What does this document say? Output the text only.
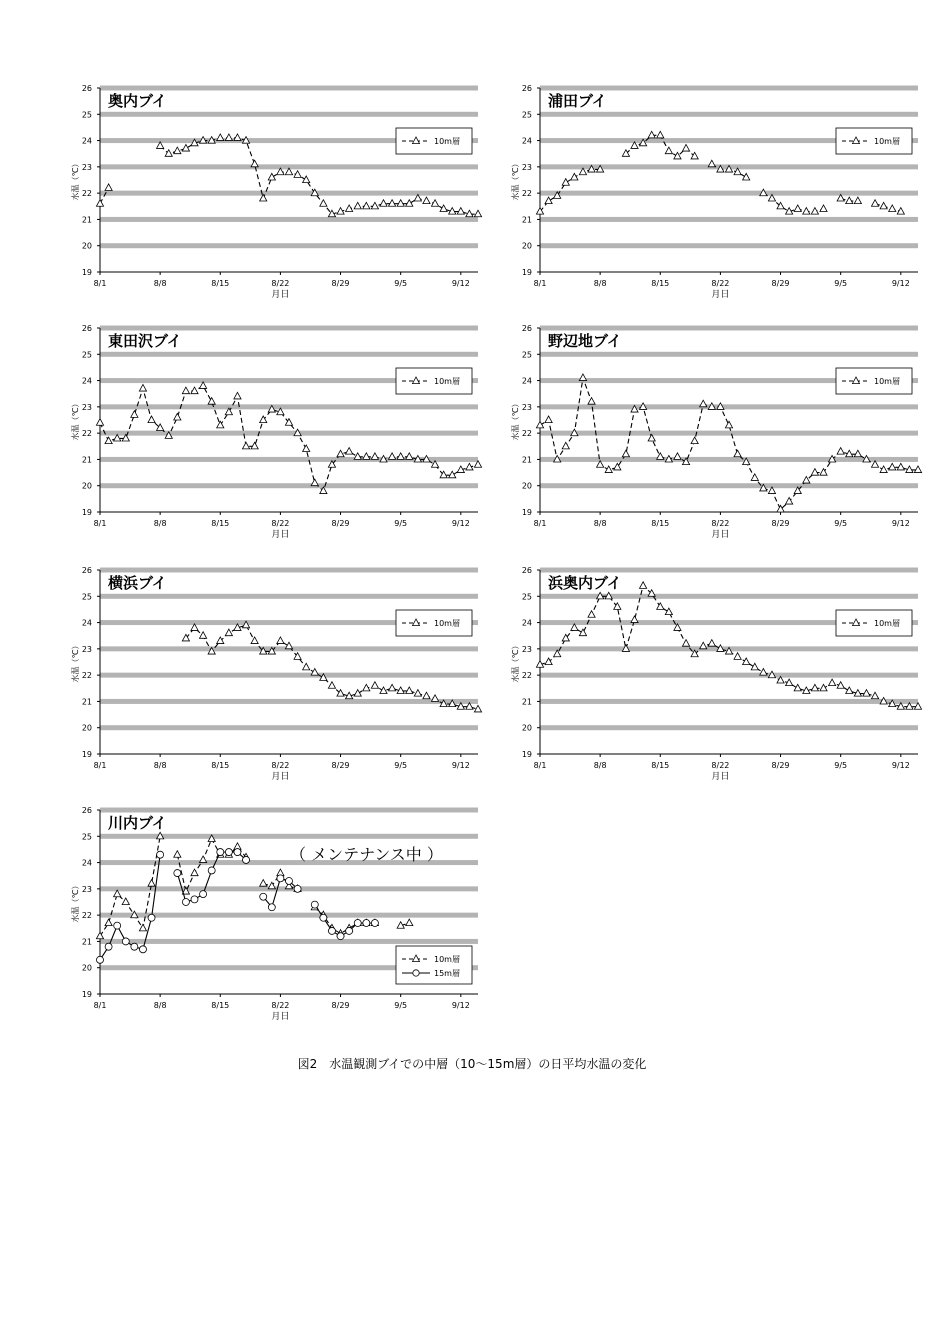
19
20
21
22
23
24
25
26
8/1	8/8	8/15	8/22	8/29	9/5	9/12
月日
水温（℃）
奥内ブイ
10m層
19
20
21
22
23
24
25
26
8/1	8/8	8/15	8/22	8/29	9/5	9/12
月日
水温（℃）
浦田ブイ
10m層
19
20
21
22
23
24
25
26
8/1	8/8	8/15	8/22	8/29	9/5	9/12
月日
水温（℃）
東田沢ブイ
10m層
19
20
21
22
23
24
25
26
8/1	8/8	8/15	8/22	8/29	9/5	9/12
月日
水温（℃）
野辺地ブイ
10m層
19
20
21
22
23
24
25
26
8/1	8/8	8/15	8/22	8/29	9/5	9/12
月日
水温（℃）
横浜ブイ
10m層
19
20
21
22
23
24
25
26
8/1	8/8	8/15	8/22	8/29	9/5	9/12
月日
水温（℃）
浜奥内ブイ
10m層
19
20
21
22
23
24
25
26
8/1	8/8	8/15	8/22	8/29	9/5	9/12
月日
水温（℃）
川内ブイ
（ メンテナンス中 ）
10m層
15m層
図2　水温観測ブイでの中層（10〜15m層）の日平均水温の変化
